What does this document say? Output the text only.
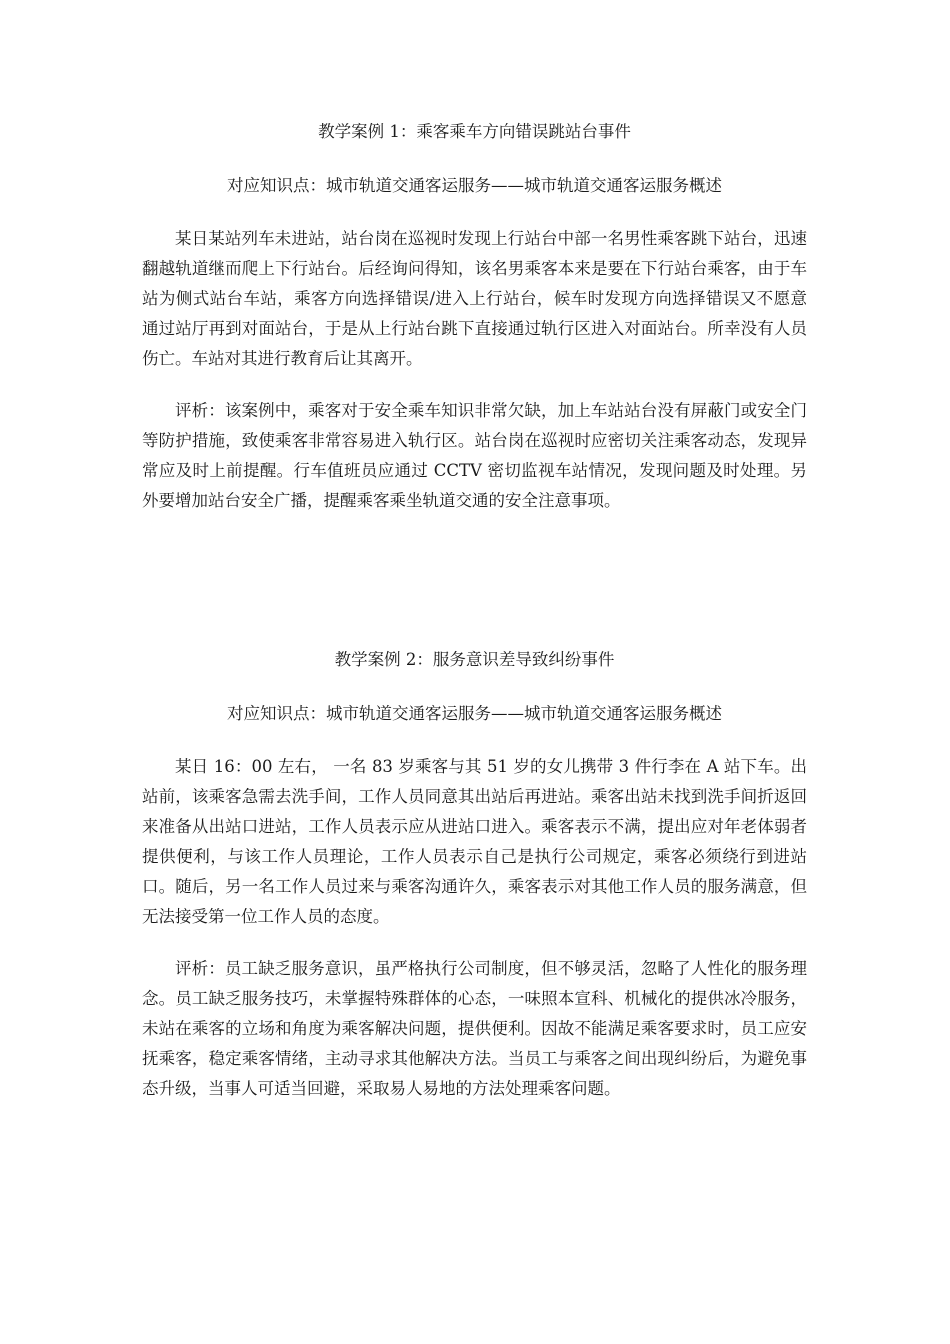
教学案例 1：乘客乘车方向错误跳站台事件

对应知识点：城市轨道交通客运服务——城市轨道交通客运服务概述

某日某站列车未进站，站台岗在巡视时发现上行站台中部一名男性乘客跳下站台，迅速翻越轨道继而爬上下行站台。后经询问得知，该名男乘客本来是要在下行站台乘客，由于车站为侧式站台车站，乘客方向选择错误/进入上行站台，候车时发现方向选择错误又不愿意通过站厅再到对面站台，于是从上行站台跳下直接通过轨行区进入对面站台。所幸没有人员伤亡。车站对其进行教育后让其离开。

评析：该案例中，乘客对于安全乘车知识非常欠缺，加上车站站台没有屏蔽门或安全门等防护措施，致使乘客非常容易进入轨行区。站台岗在巡视时应密切关注乘客动态，发现异常应及时上前提醒。行车值班员应通过 CCTV 密切监视车站情况，发现问题及时处理。另外要增加站台安全广播，提醒乘客乘坐轨道交通的安全注意事项。

教学案例 2：服务意识差导致纠纷事件

对应知识点：城市轨道交通客运服务——城市轨道交通客运服务概述

某日 16：00 左右， 一名 83 岁乘客与其 51 岁的女儿携带 3 件行李在 A 站下车。出站前，该乘客急需去洗手间，工作人员同意其出站后再进站。乘客出站未找到洗手间折返回来准备从出站口进站，工作人员表示应从进站口进入。乘客表示不满，提出应对年老体弱者提供便利，与该工作人员理论，工作人员表示自己是执行公司规定，乘客必须绕行到进站口。随后，另一名工作人员过来与乘客沟通许久，乘客表示对其他工作人员的服务满意，但无法接受第一位工作人员的态度。

评析：员工缺乏服务意识，虽严格执行公司制度，但不够灵活，忽略了人性化的服务理念。员工缺乏服务技巧，未掌握特殊群体的心态，一味照本宣科、机械化的提供冰冷服务，未站在乘客的立场和角度为乘客解决问题，提供便利。因故不能满足乘客要求时，员工应安抚乘客，稳定乘客情绪，主动寻求其他解决方法。当员工与乘客之间出现纠纷后，为避免事态升级，当事人可适当回避，采取易人易地的方法处理乘客问题。
